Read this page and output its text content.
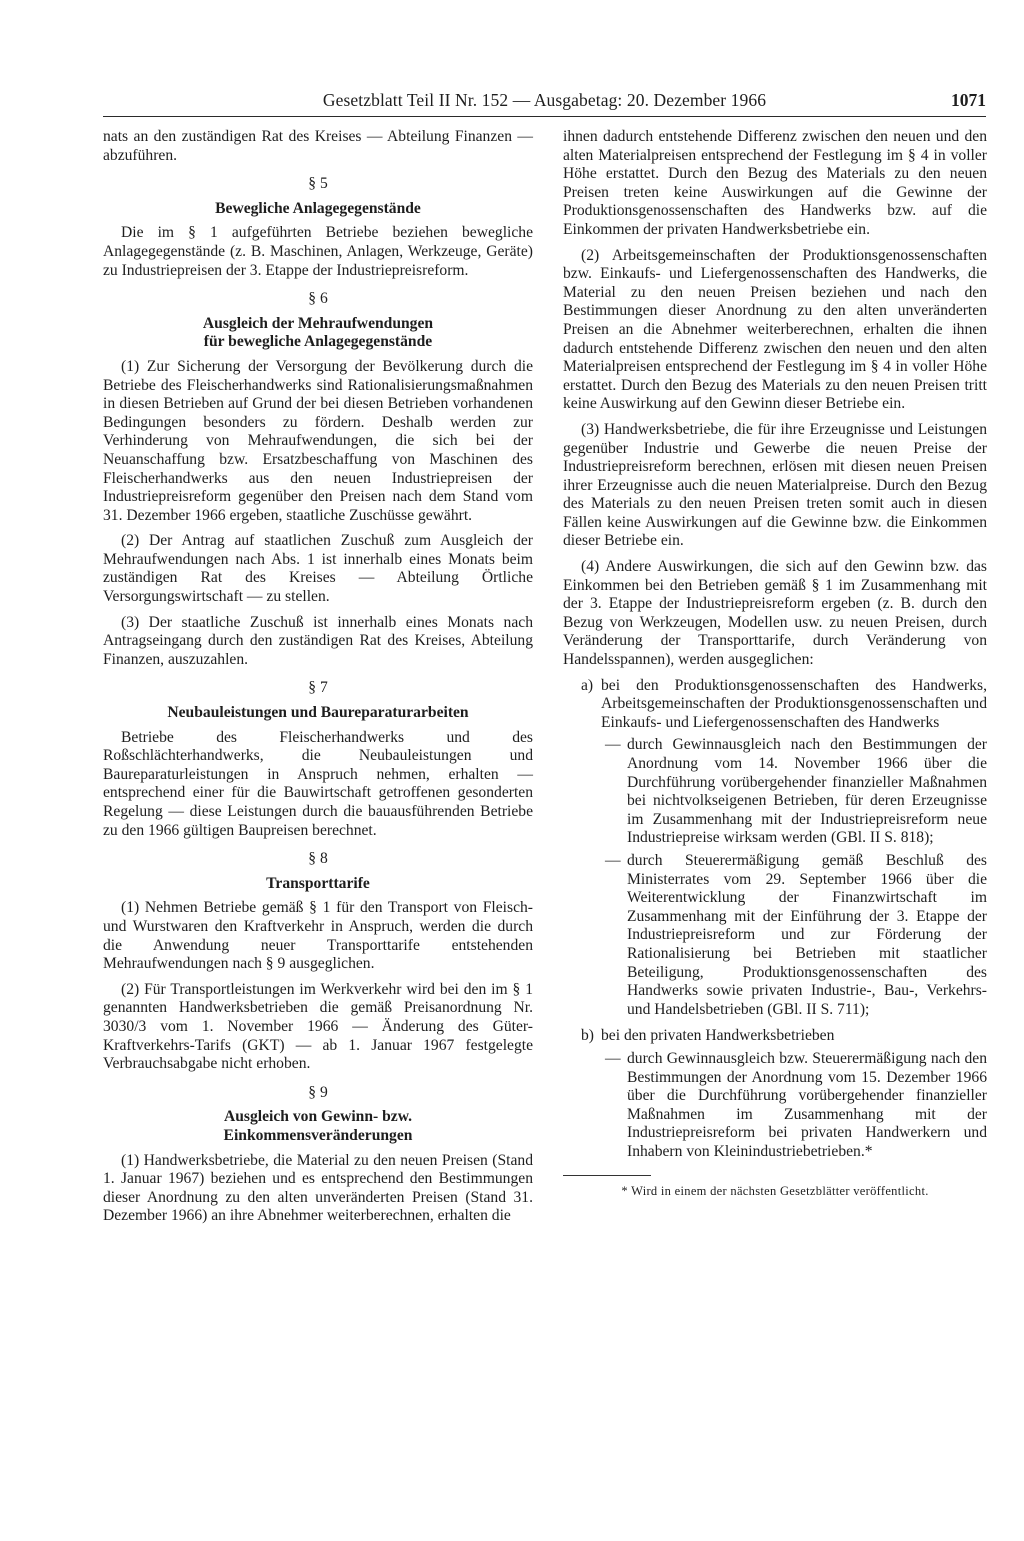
Gesetzblatt Teil II Nr. 152 — Ausgabetag: 20. Dezember 1966	1071

nats an den zuständigen Rat des Kreises — Abteilung Finanzen — abzuführen.

§ 5
Bewegliche Anlagegegenstände

Die im § 1 aufgeführten Betriebe beziehen bewegliche Anlagegegenstände (z. B. Maschinen, Anlagen, Werkzeuge, Geräte) zu Industriepreisen der 3. Etappe der Industriepreisreform.

§ 6
Ausgleich der Mehraufwendungen
für bewegliche Anlagegegenstände

(1) Zur Sicherung der Versorgung der Bevölkerung durch die Betriebe des Fleischerhandwerks sind Rationalisierungsmaßnahmen in diesen Betrieben auf Grund der bei diesen Betrieben vorhandenen Bedingungen besonders zu fördern. Deshalb werden zur Verhinderung von Mehraufwendungen, die sich bei der Neuanschaffung bzw. Ersatzbeschaffung von Maschinen des Fleischerhandwerks aus den neuen Industriepreisen der Industriepreisreform gegenüber den Preisen nach dem Stand vom 31. Dezember 1966 ergeben, staatliche Zuschüsse gewährt.

(2) Der Antrag auf staatlichen Zuschuß zum Ausgleich der Mehraufwendungen nach Abs. 1 ist innerhalb eines Monats beim zuständigen Rat des Kreises — Abteilung Örtliche Versorgungswirtschaft — zu stellen.

(3) Der staatliche Zuschuß ist innerhalb eines Monats nach Antragseingang durch den zuständigen Rat des Kreises, Abteilung Finanzen, auszuzahlen.

§ 7
Neubauleistungen und Baureparaturarbeiten

Betriebe des Fleischerhandwerks und des Roßschlächterhandwerks, die Neubauleistungen und Baureparaturleistungen in Anspruch nehmen, erhalten — entsprechend einer für die Bauwirtschaft getroffenen gesonderten Regelung — diese Leistungen durch die bauausführenden Betriebe zu den 1966 gültigen Baupreisen berechnet.

§ 8
Transporttarife

(1) Nehmen Betriebe gemäß § 1 für den Transport von Fleisch- und Wurstwaren den Kraftverkehr in Anspruch, werden die durch die Anwendung neuer Transporttarife entstehenden Mehraufwendungen nach § 9 ausgeglichen.

(2) Für Transportleistungen im Werkverkehr wird bei den im § 1 genannten Handwerksbetrieben die gemäß Preisanordnung Nr. 3030/3 vom 1. November 1966 — Änderung des Güter-Kraftverkehrs-Tarifs (GKT) — ab 1. Januar 1967 festgelegte Verbrauchsabgabe nicht erhoben.

§ 9
Ausgleich von Gewinn- bzw.
Einkommensveränderungen

(1) Handwerksbetriebe, die Material zu den neuen Preisen (Stand 1. Januar 1967) beziehen und es entsprechend den Bestimmungen dieser Anordnung zu den alten unveränderten Preisen (Stand 31. Dezember 1966) an ihre Abnehmer weiterberechnen, erhalten die

ihnen dadurch entstehende Differenz zwischen den neuen und den alten Materialpreisen entsprechend der Festlegung im § 4 in voller Höhe erstattet. Durch den Bezug des Materials zu den neuen Preisen treten keine Auswirkungen auf die Gewinne der Produktionsgenossenschaften des Handwerks bzw. auf die Einkommen der privaten Handwerksbetriebe ein.

(2) Arbeitsgemeinschaften der Produktionsgenossenschaften bzw. Einkaufs- und Liefergenossenschaften des Handwerks, die Material zu den neuen Preisen beziehen und nach den Bestimmungen dieser Anordnung zu den alten unveränderten Preisen an die Abnehmer weiterberechnen, erhalten die ihnen dadurch entstehende Differenz zwischen den neuen und den alten Materialpreisen entsprechend der Festlegung im § 4 in voller Höhe erstattet. Durch den Bezug des Materials zu den neuen Preisen tritt keine Auswirkung auf den Gewinn dieser Betriebe ein.

(3) Handwerksbetriebe, die für ihre Erzeugnisse und Leistungen gegenüber Industrie und Gewerbe die neuen Preise der Industriepreisreform berechnen, erlösen mit diesen neuen Preisen ihrer Erzeugnisse auch die neuen Materialpreise. Durch den Bezug des Materials zu den neuen Preisen treten somit auch in diesen Fällen keine Auswirkungen auf die Gewinne bzw. die Einkommen dieser Betriebe ein.

(4) Andere Auswirkungen, die sich auf den Gewinn bzw. das Einkommen bei den Betrieben gemäß § 1 im Zusammenhang mit der 3. Etappe der Industriepreisreform ergeben (z. B. durch den Bezug von Werkzeugen, Modellen usw. zu neuen Preisen, durch Veränderung der Transporttarife, durch Veränderung von Handelsspannen), werden ausgeglichen:

a) bei den Produktionsgenossenschaften des Handwerks, Arbeitsgemeinschaften der Produktionsgenossenschaften und Einkaufs- und Liefergenossenschaften des Handwerks
— durch Gewinnausgleich nach den Bestimmungen der Anordnung vom 14. November 1966 über die Durchführung vorübergehender finanzieller Maßnahmen bei nichtvolkseigenen Betrieben, für deren Erzeugnisse im Zusammenhang mit der Industriepreisreform neue Industriepreise wirksam werden (GBl. II S. 818);
— durch Steuerermäßigung gemäß Beschluß des Ministerrates vom 29. September 1966 über die Weiterentwicklung der Finanzwirtschaft im Zusammenhang mit der Einführung der 3. Etappe der Industriepreisreform und zur Förderung der Rationalisierung bei Betrieben mit staatlicher Beteiligung, Produktionsgenossenschaften des Handwerks sowie privaten Industrie-, Bau-, Verkehrs- und Handelsbetrieben (GBl. II S. 711);
b) bei den privaten Handwerksbetrieben
— durch Gewinnausgleich bzw. Steuerermäßigung nach den Bestimmungen der Anordnung vom 15. Dezember 1966 über die Durchführung vorübergehender finanzieller Maßnahmen im Zusammenhang mit der Industriepreisreform bei privaten Handwerkern und Inhabern von Kleinindustriebetrieben.*
* Wird in einem der nächsten Gesetzblätter veröffentlicht.
